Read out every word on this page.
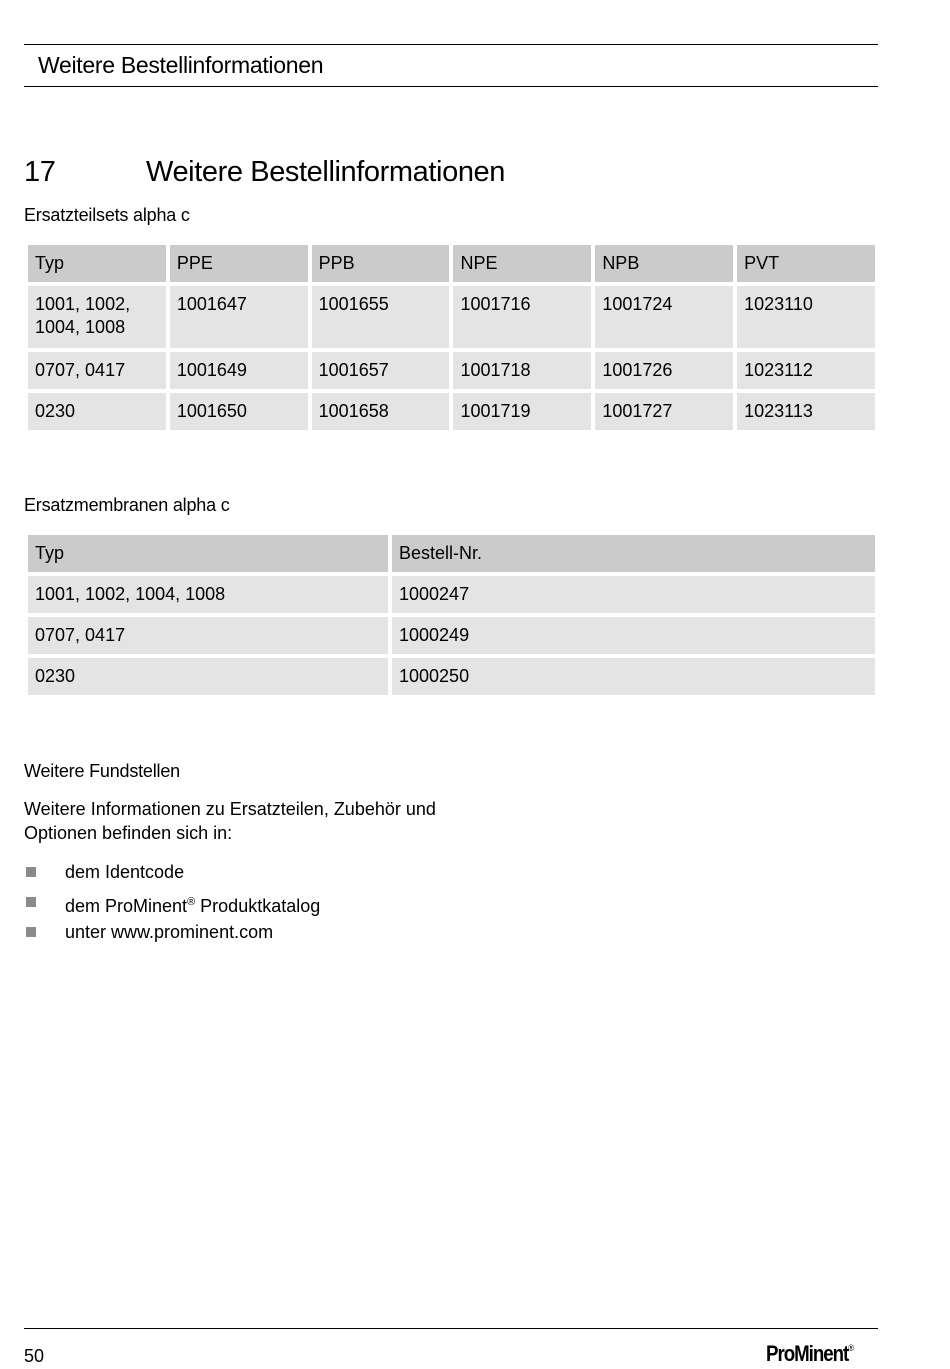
Weitere Bestellinformationen
17	Weitere Bestellinformationen
Ersatzteilsets alpha c
Typ	PPE	PPB	NPE	NPB	PVT
1001, 1002, 1004, 1008	1001647	1001655	1001716	1001724	1023110
0707, 0417	1001649	1001657	1001718	1001726	1023112
0230	1001650	1001658	1001719	1001727	1023113
Ersatzmembranen alpha c
Typ	Bestell-Nr.
1001, 1002, 1004, 1008	1000247
0707, 0417	1000249
0230	1000250
Weitere Fundstellen
Weitere Informationen zu Ersatzteilen, Zubehör und Optionen befinden sich in:
dem Identcode
dem ProMinent® Produktkatalog
unter www.prominent.com
50	ProMinent®
